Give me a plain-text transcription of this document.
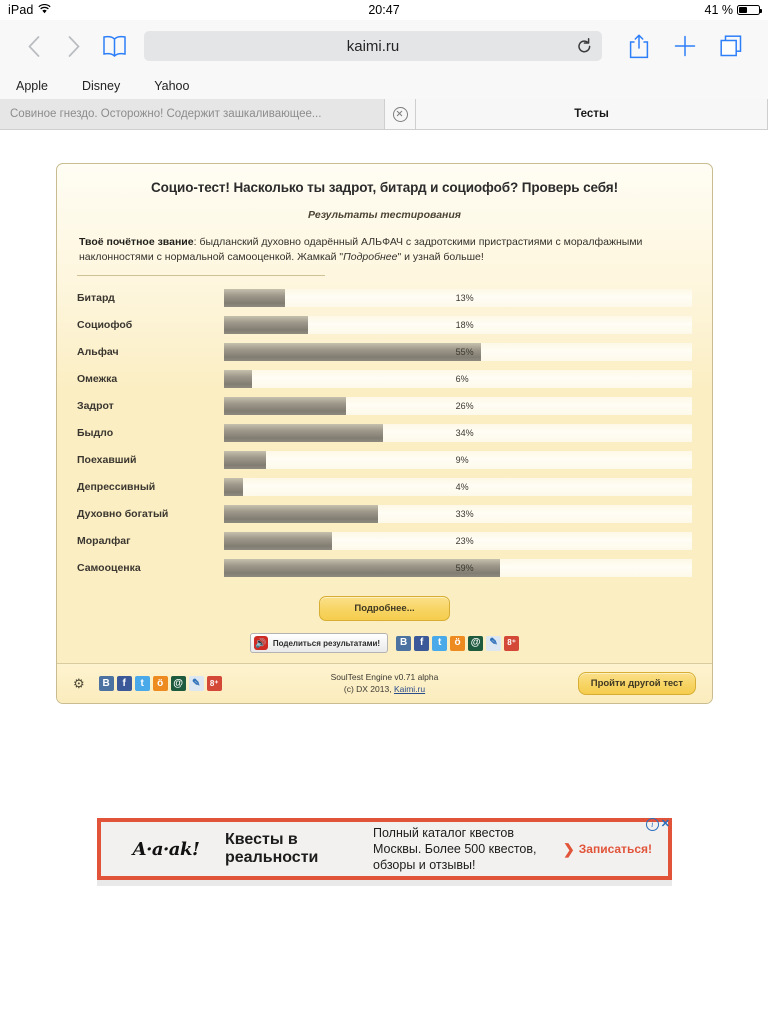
iPad	20:47	41 %
kaimi.ru
Apple	Disney	Yahoo
Совиное гнездо. Осторожно! Содержит зашкаливающее...	Тесты
Социо-тест! Насколько ты задрот, битард и социофоб? Проверь себя!
Результаты тестирования
Твоё почётное звание: быдланский духовно одарённый АЛЬФАЧ с задротскими пристрастиями с моралфажными наклонностями с нормальной самооценкой. Жамкай "Подробнее" и узнай больше!
Битард	13%
Социофоб	18%
Альфач	55%
Омежка	6%
Задрот	26%
Быдло	34%
Поехавший	9%
Депрессивный	4%
Духовно богатый	33%
Моралфаг	23%
Самооценка	59%
Подробнее...
🔊 Поделиться результатами!	В	f	t	ö	@ ✎	8⁺
⚙	В	f	t	ö	@ ✎	8⁺
SoulTest Engine v0.71 alpha
(c) DX 2013, Kaimi.ru	Пройти другой тест
A·a·ak!	Квесты в
реальности
Полный каталог квестов
Москвы. Более 500 квестов,
обзоры и отзывы!
❯ Записаться!
i ✕
